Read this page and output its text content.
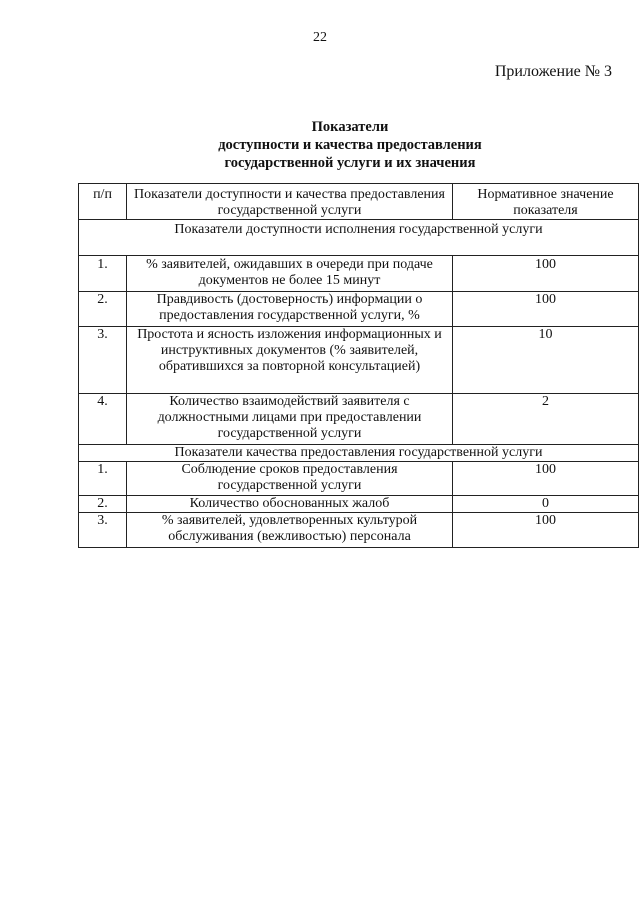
22
Приложение № 3
Показатели
доступности и качества предоставления
государственной услуги и их значения
п/п	Показатели доступности и качества предоставления государственной услуги	Нормативное значение показателя
Показатели доступности исполнения государственной услуги		
1.	% заявителей, ожидавших в очереди при подаче документов не более 15 минут	100
2.	Правдивость (достоверность) информации о предоставления государственной услуги, %	100
3.	Простота и ясность изложения информационных и инструктивных документов (% заявителей, обратившихся за повторной консультацией)	10
4.	Количество взаимодействий заявителя с должностными лицами при предоставлении государственной услуги	2
Показатели качества предоставления государственной услуги		
1.	Соблюдение сроков предоставления государственной услуги	100
2.	Количество обоснованных жалоб	0
3.	% заявителей, удовлетворенных культурой обслуживания (вежливостью) персонала	100
